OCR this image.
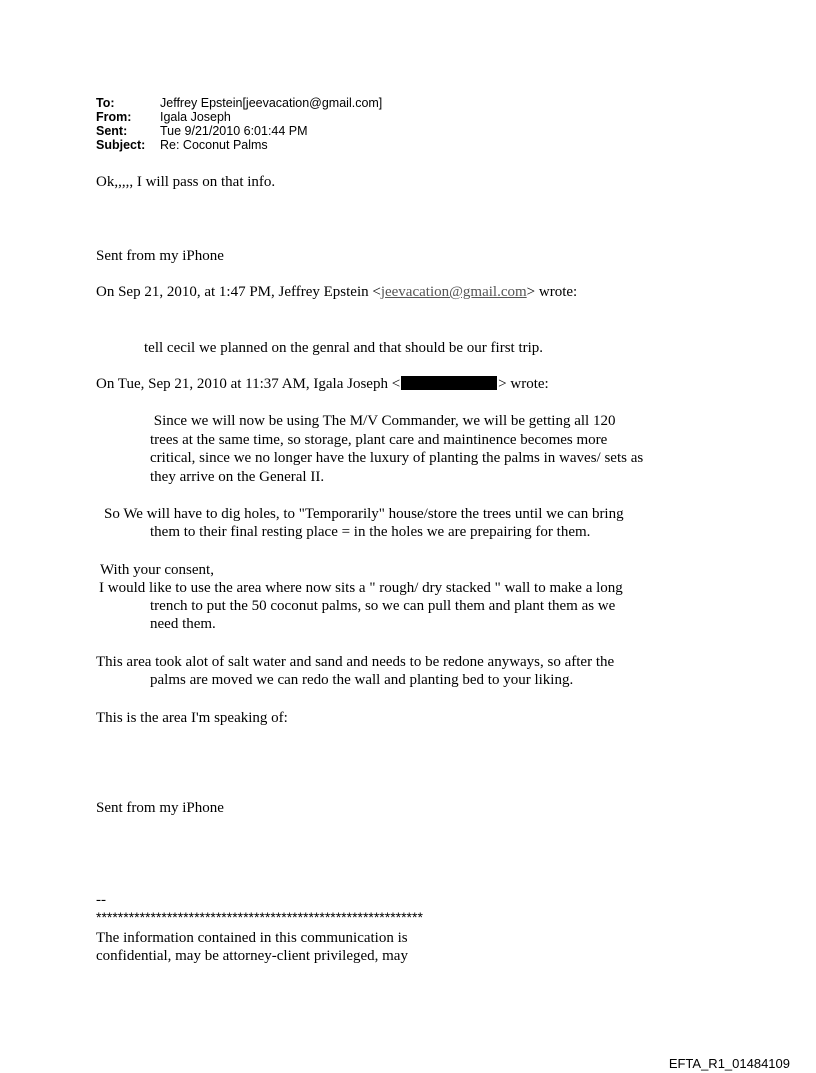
To:	Jeffrey Epstein[jeevacation@gmail.com]
From:	Igala Joseph
Sent:	Tue 9/21/2010 6:01:44 PM
Subject:	Re: Coconut Palms
Ok,,,,, I will pass on that info.
Sent from my iPhone
On Sep 21, 2010, at 1:47 PM, Jeffrey Epstein <jeevacation@gmail.com> wrote:
tell cecil we planned on the genral and that should be our first trip.
On Tue, Sep 21, 2010 at 11:37 AM, Igala Joseph <	> wrote:
Since we will now be using The M/V Commander, we will be getting all 120
trees at the same time, so storage, plant care and maintinence becomes more
critical, since we no longer have the luxury of planting the palms in waves/ sets as
they arrive on the General II.
So We will have to dig holes, to "Temporarily" house/store the trees until we can bring
them to their final resting place = in the holes we are prepairing for them.
With your consent,
I would like to use the area where now sits a " rough/ dry stacked " wall to make a long
trench to put the 50 coconut palms, so we can pull them and plant them as we
need them.
This area took alot of salt water and sand and needs to be redone anyways, so after the
palms are moved we can redo the wall and planting bed to your liking.
This is the area I'm speaking of:
Sent from my iPhone
--
************************************************************
The information contained in this communication is
confidential, may be attorney-client privileged, may
EFTA_R1_01484109
